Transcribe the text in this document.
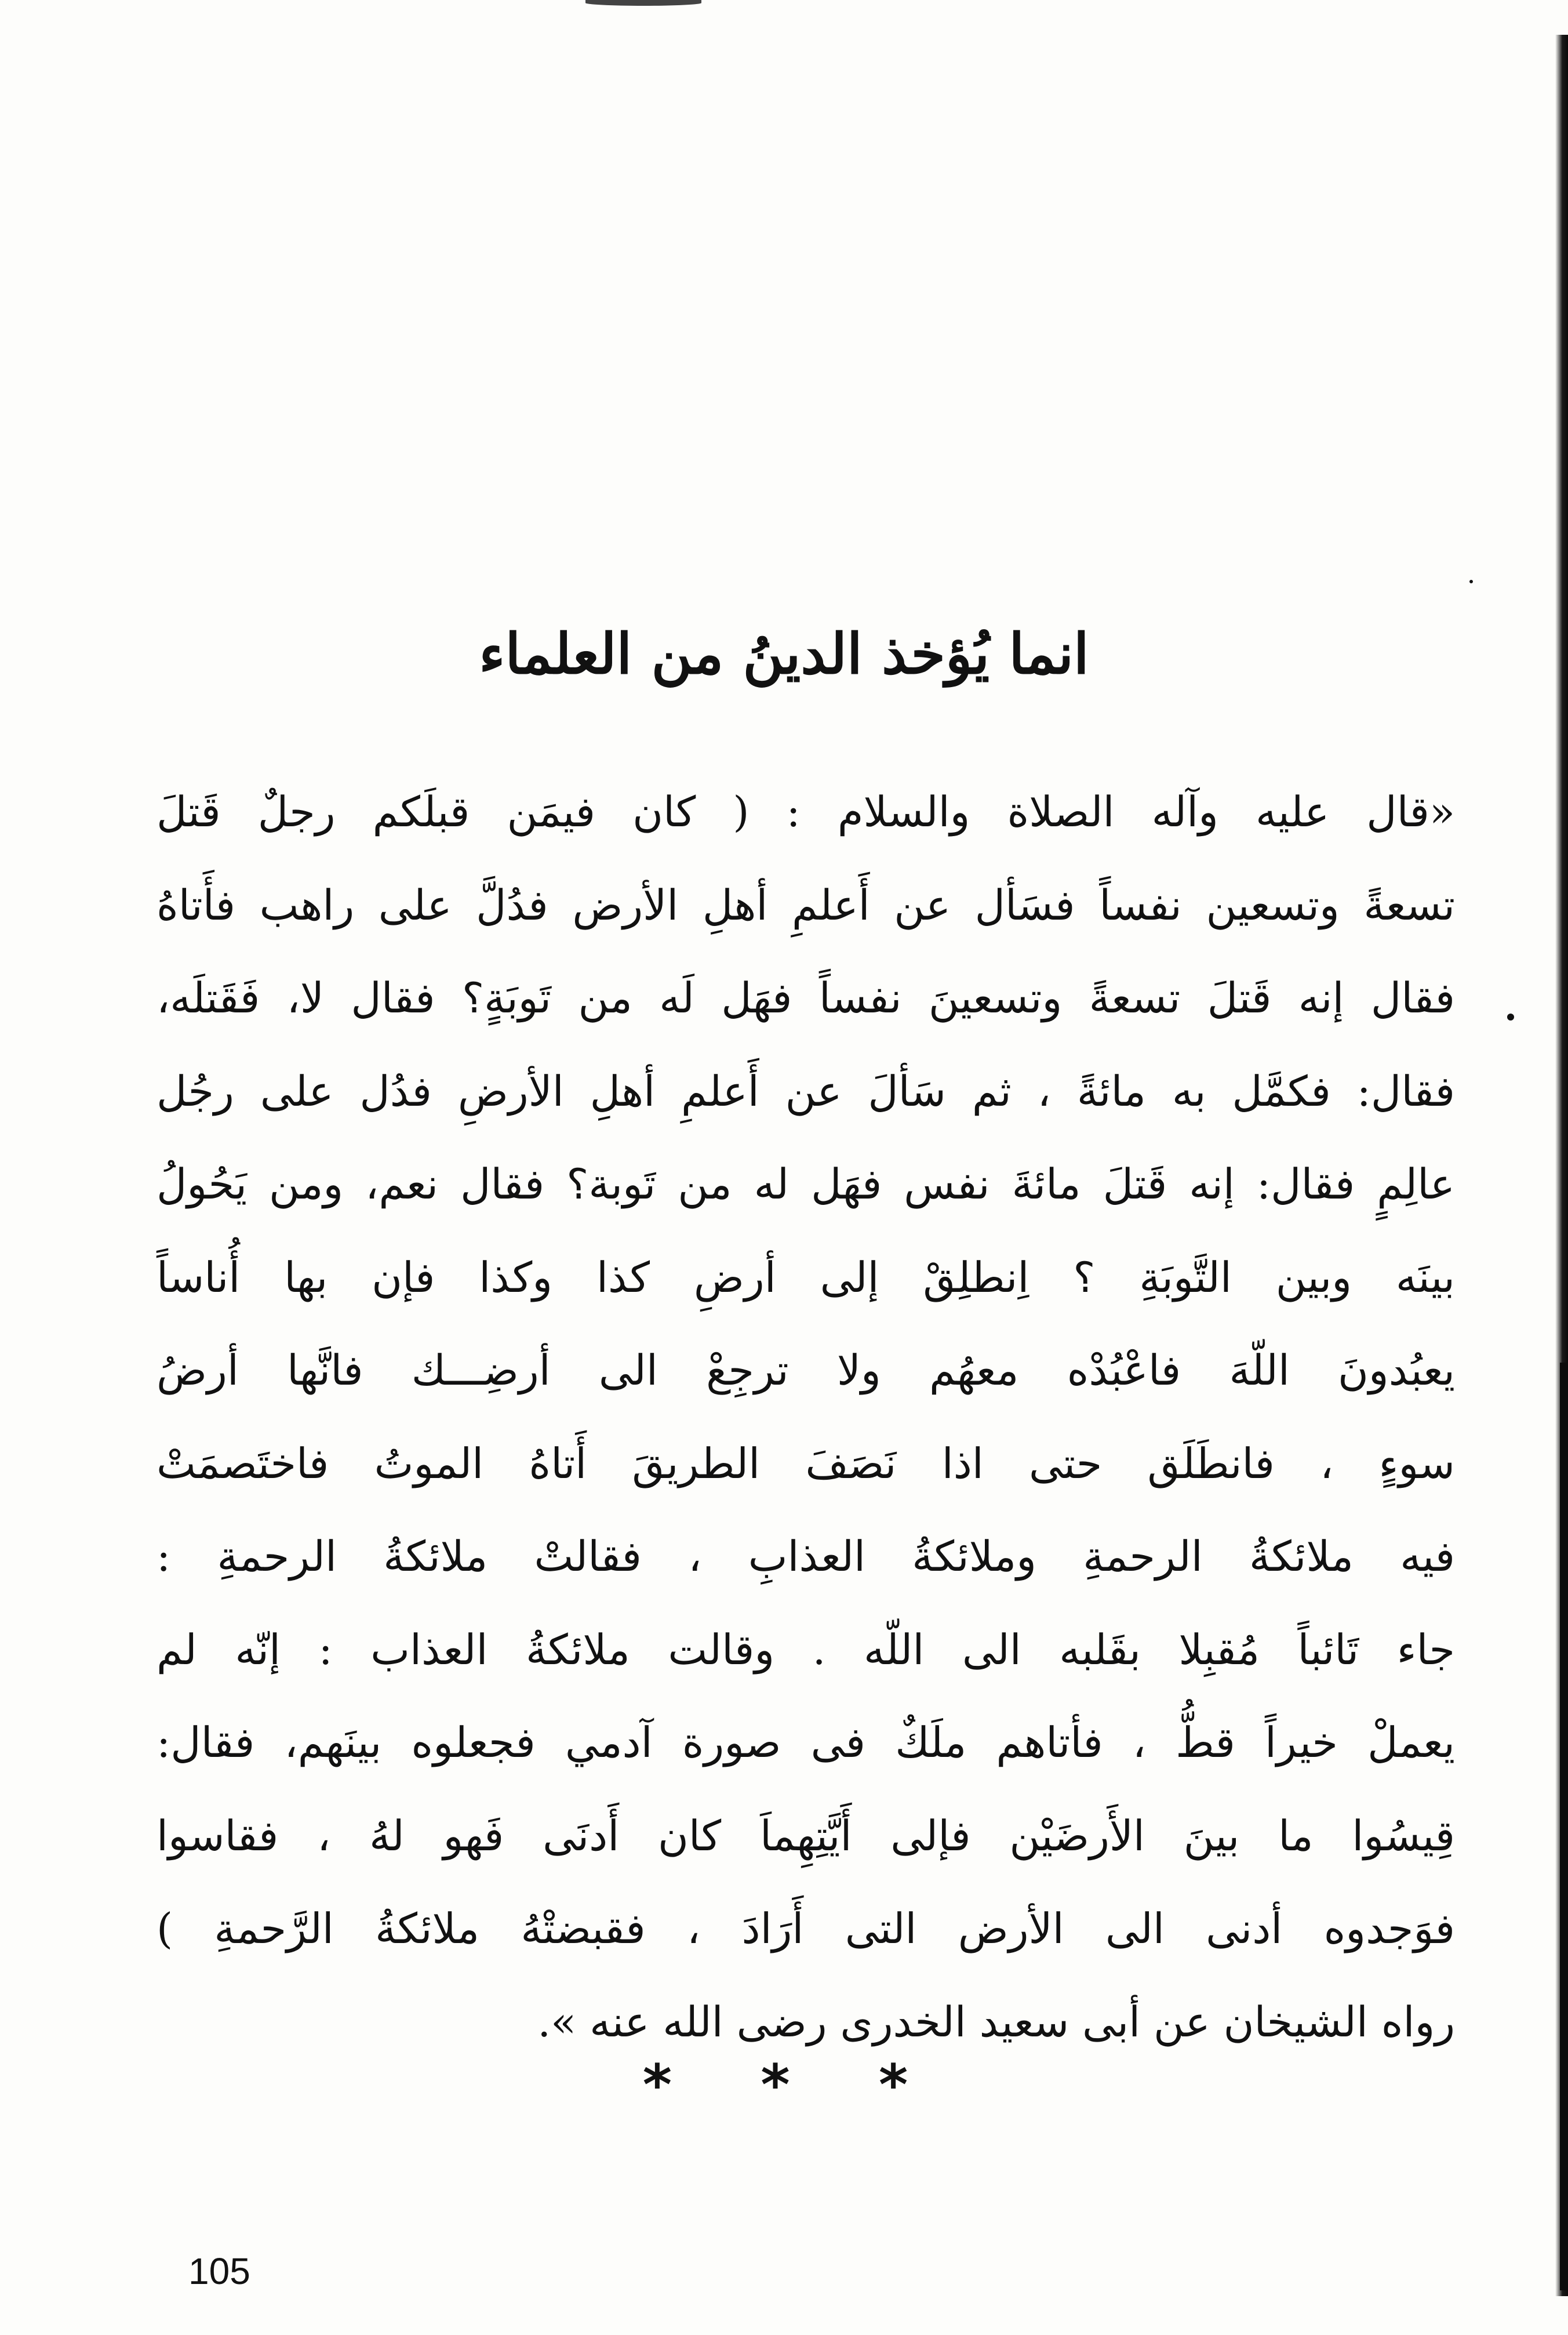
انما يُؤخذ الدينُ من العلماء
«قال عليه وآله الصلاة والسلام : ( كان فيمَن قبلَكم رجلٌ قَتلَ
تسعةً وتسعين نفساً فسَأل عن أَعلمِ أهلِ الأرض فدُلَّ على راهب فأَتاهُ
فقال إنه قَتلَ تسعةً وتسعينَ نفساً فهَل لَه من تَوبَةٍ؟ فقال لا، فَقَتلَه،
فقال: فكمَّل به مائةً ، ثم سَألَ عن أَعلمِ أهلِ الأرضِ فدُل على رجُل
عالِمٍ فقال: إنه قَتلَ مائةَ نفس فهَل له من تَوبة؟ فقال نعم، ومن يَحُولُ
بينَه وبين التَّوبَةِ ؟ اِنطلِقْ إلى أرضِ كذا وكذا فإن بها أُناساً
يعبُدونَ اللّهَ فاعْبُدْه معهُم ولا ترجِعْ الى أرضِـــك فانَّها أرضُ
سوءٍ ، فانطَلَق حتى اذا نَصَفَ الطريقَ أَتاهُ الموتُ فاختَصمَتْ
فيه ملائكةُ الرحمةِ وملائكةُ العذابِ ، فقالتْ ملائكةُ الرحمةِ :
جاء تَائباً مُقبِلا بقَلبه الى اللّه . وقالت ملائكةُ العذاب : إنّه لم
يعملْ خيراً قطُّ ، فأتاهم ملَكٌ فى صورة آدمي فجعلوه بينَهم، فقال:
قِيسُوا ما بينَ الأَرضَيْن فإلى أَيَّتِهِماَ كان أَدنَى فَهو لهُ ، فقاسوا
فوَجدوه أدنى الى الأرض التى أَرَادَ ، فقبضتْهُ ملائكةُ الرَّحمةِ )
رواه الشيخان عن أبى سعيد الخدرى رضى الله عنه ».
* * *
105
